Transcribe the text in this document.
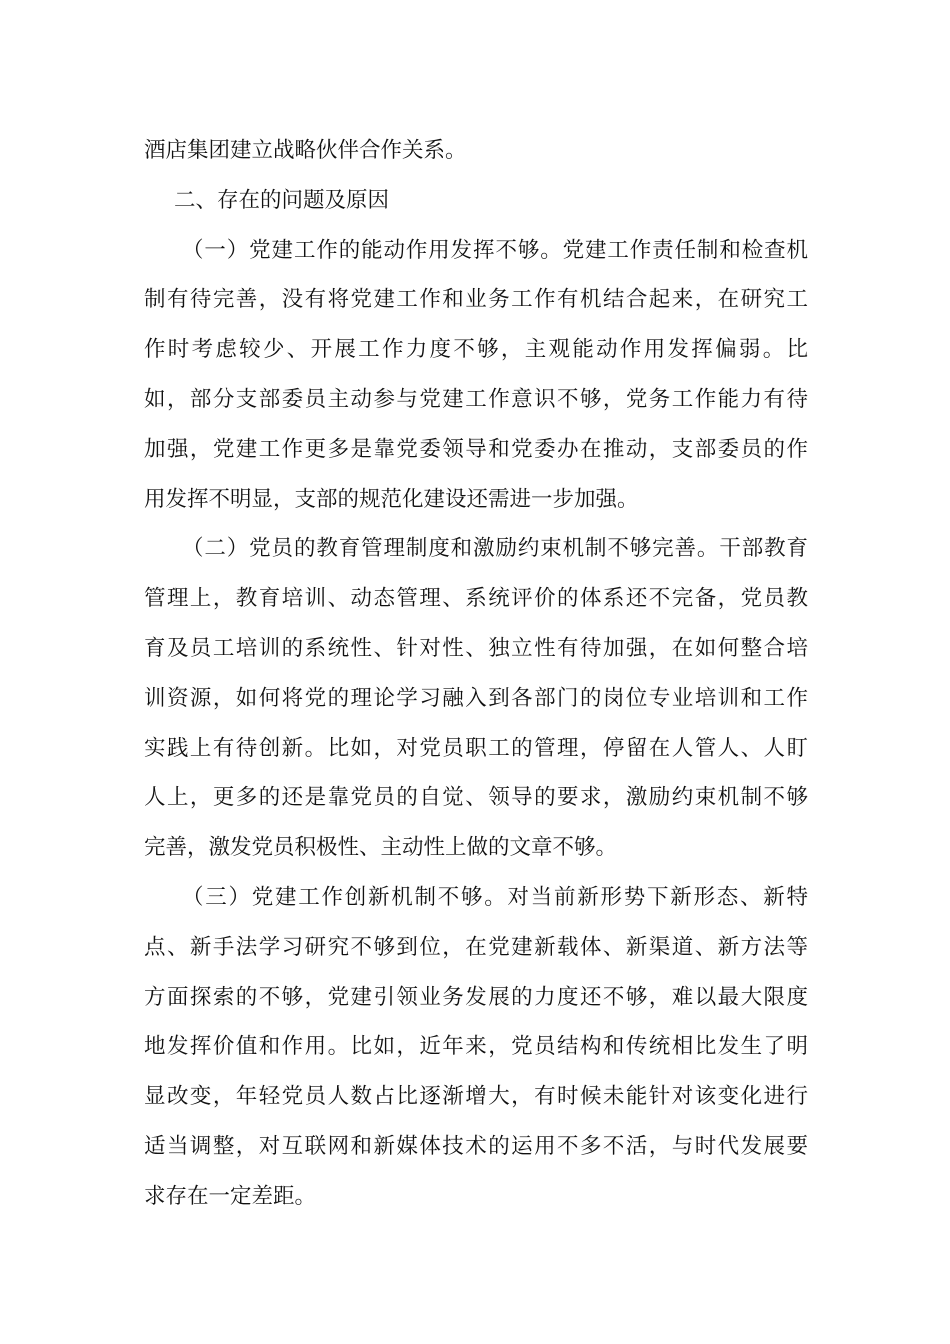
酒店集团建立战略伙伴合作关系。
二、存在的问题及原因
（一）党建工作的能动作用发挥不够。党建工作责任制和检查机
制有待完善，没有将党建工作和业务工作有机结合起来，在研究工
作时考虑较少、开展工作力度不够，主观能动作用发挥偏弱。比
如，部分支部委员主动参与党建工作意识不够，党务工作能力有待
加强，党建工作更多是靠党委领导和党委办在推动，支部委员的作
用发挥不明显，支部的规范化建设还需进一步加强。
（二）党员的教育管理制度和激励约束机制不够完善。干部教育
管理上，教育培训、动态管理、系统评价的体系还不完备，党员教
育及员工培训的系统性、针对性、独立性有待加强，在如何整合培
训资源，如何将党的理论学习融入到各部门的岗位专业培训和工作
实践上有待创新。比如，对党员职工的管理，停留在人管人、人盯
人上，更多的还是靠党员的自觉、领导的要求，激励约束机制不够
完善，激发党员积极性、主动性上做的文章不够。
（三）党建工作创新机制不够。对当前新形势下新形态、新特
点、新手法学习研究不够到位，在党建新载体、新渠道、新方法等
方面探索的不够，党建引领业务发展的力度还不够，难以最大限度
地发挥价值和作用。比如，近年来，党员结构和传统相比发生了明
显改变，年轻党员人数占比逐渐增大，有时候未能针对该变化进行
适当调整，对互联网和新媒体技术的运用不多不活，与时代发展要
求存在一定差距。
